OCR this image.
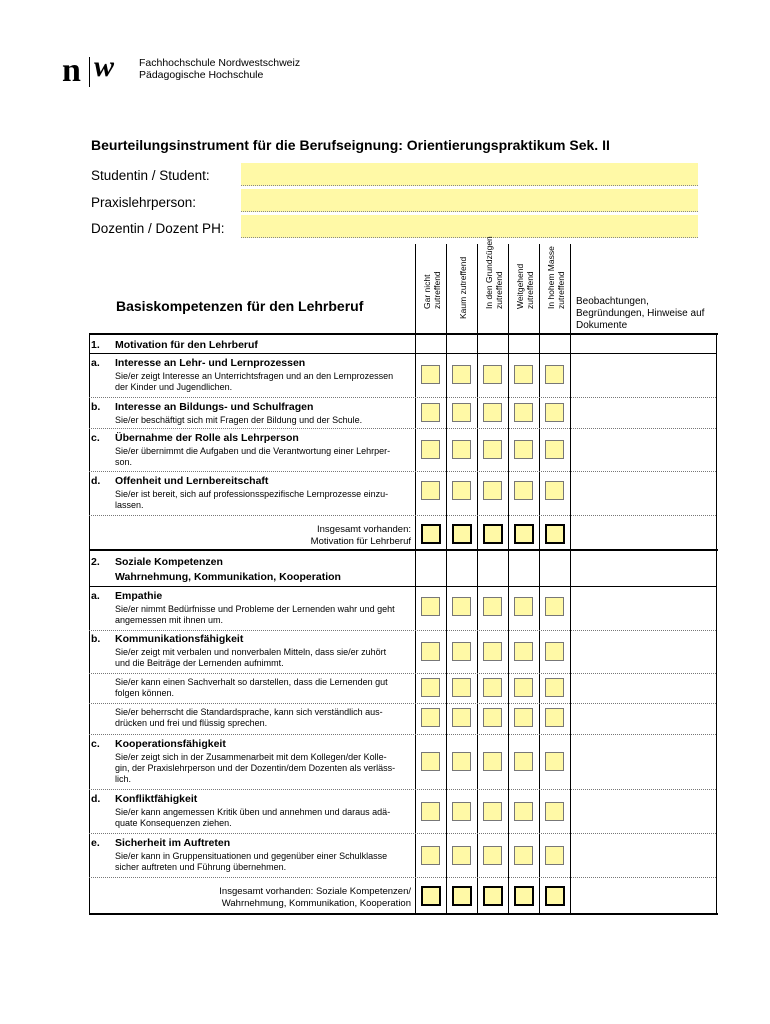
n w Fachhochschule Nordwestschweiz
Pädagogische Hochschule
Beurteilungsinstrument für die Berufseignung: Orientierungspraktikum Sek. II
Studentin / Student:
Praxislehrperson:
Dozentin / Dozent PH:
Basiskompetenzen für den Lehrberuf	Gar nicht zutreffend Kaum zutreffend In den Grundzügen zutreffend Weitgehend zutreffend In hohem Masse zutreffend Beobachtungen, Begründungen, Hinweise auf Dokumente
1. Motivation für den Lehrberuf
a. Interesse an Lehr- und Lernprozessen
Sie/er zeigt Interesse an Unterrichtsfragen und an den Lernprozessen
der Kinder und Jugendlichen.
b. Interesse an Bildungs- und Schulfragen
Sie/er beschäftigt sich mit Fragen der Bildung und der Schule.
c. Übernahme der Rolle als Lehrperson
Sie/er übernimmt die Aufgaben und die Verantwortung einer Lehrper-
son.
d. Offenheit und Lernbereitschaft
Sie/er ist bereit, sich auf professionsspezifische Lernprozesse einzu-
lassen.
Insgesamt vorhanden:
Motivation für Lehrberuf
2. Soziale Kompetenzen
Wahrnehmung, Kommunikation, Kooperation
a. Empathie
Sie/er nimmt Bedürfnisse und Probleme der Lernenden wahr und geht
angemessen mit ihnen um.
b. Kommunikationsfähigkeit
Sie/er zeigt mit verbalen und nonverbalen Mitteln, dass sie/er zuhört
und die Beiträge der Lernenden aufnimmt.
Sie/er kann einen Sachverhalt so darstellen, dass die Lernenden gut
folgen können.
Sie/er beherrscht die Standardsprache, kann sich verständlich aus-
drücken und frei und flüssig sprechen.
c. Kooperationsfähigkeit
Sie/er zeigt sich in der Zusammenarbeit mit dem Kollegen/der Kolle-
gin, der Praxislehrperson und der Dozentin/dem Dozenten als verläss-
lich.
d. Konfliktfähigkeit
Sie/er kann angemessen Kritik üben und annehmen und daraus adä-
quate Konsequenzen ziehen.
e. Sicherheit im Auftreten
Sie/er kann in Gruppensituationen und gegenüber einer Schulklasse
sicher auftreten und Führung übernehmen.
Insgesamt vorhanden: Soziale Kompetenzen/
Wahrnehmung, Kommunikation, Kooperation
